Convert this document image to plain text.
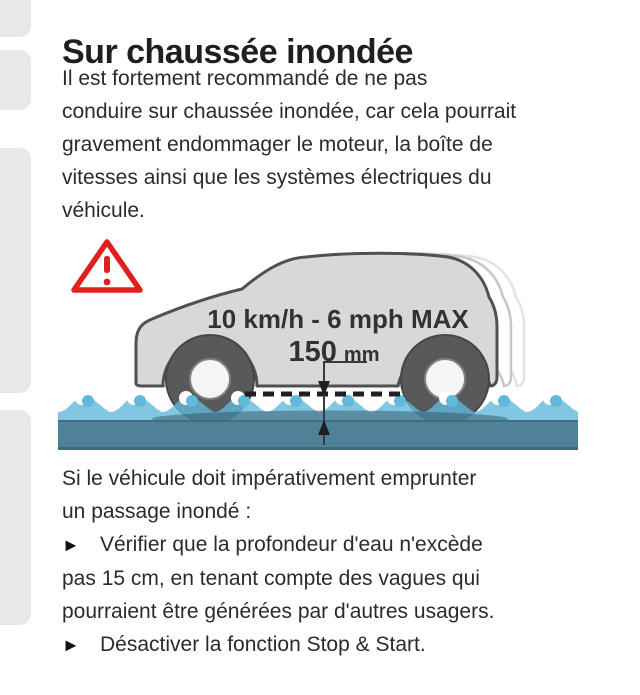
Sur chaussée inondée
Il est fortement recommandé de ne pas
conduire sur chaussée inondée, car cela pourrait
gravement endommager le moteur, la boîte de
vitesses ainsi que les systèmes électriques du
véhicule.
10 km/h - 6 mph MAX
150 mm
Si le véhicule doit impérativement emprunter
un passage inondé :
► Vérifier que la profondeur d'eau n'excède
pas 15 cm, en tenant compte des vagues qui
pourraient être générées par d'autres usagers.
► Désactiver la fonction Stop & Start.
